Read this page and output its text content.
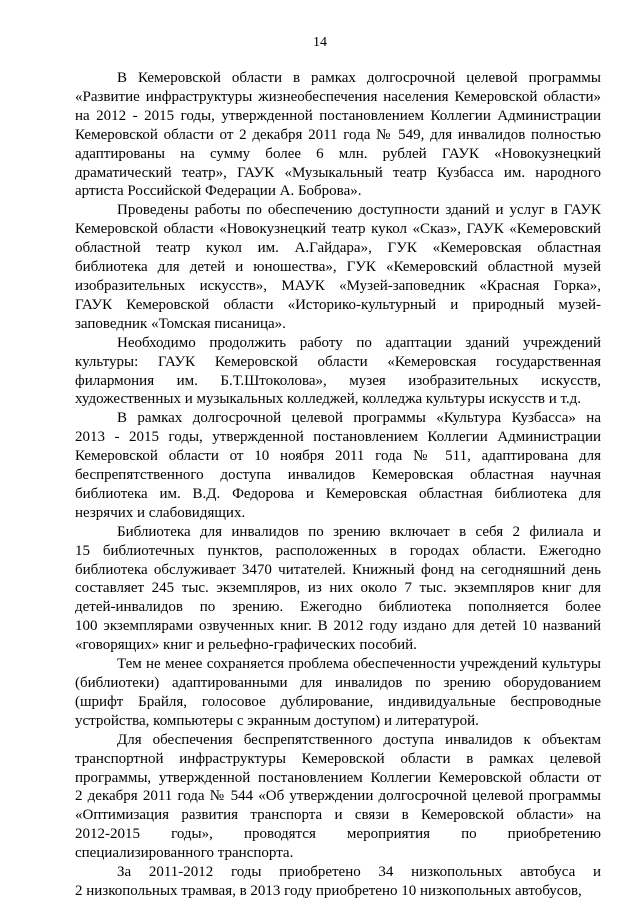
14
В Кемеровской области в рамках долгосрочной целевой программы
«Развитие инфраструктуры жизнеобеспечения населения Кемеровской области»
на 2012 - 2015 годы, утвержденной постановлением Коллегии Администрации
Кемеровской области от 2 декабря 2011 года № 549, для инвалидов полностью
адаптированы на сумму более 6 млн. рублей ГАУК «Новокузнецкий
драматический театр», ГАУК «Музыкальный театр Кузбасса им. народного
артиста Российской Федерации А. Боброва».
Проведены работы по обеспечению доступности зданий и услуг в ГАУК
Кемеровской области «Новокузнецкий театр кукол «Сказ», ГАУК «Кемеровский
областной театр кукол им. А.Гайдара», ГУК «Кемеровская областная
библиотека для детей и юношества», ГУК «Кемеровский областной музей
изобразительных искусств», МАУК «Музей-заповедник «Красная Горка»,
ГАУК Кемеровской области «Историко-культурный и природный музей-
заповедник «Томская писаница».
Необходимо продолжить работу по адаптации зданий учреждений
культуры: ГАУК Кемеровской области «Кемеровская государственная
филармония им. Б.Т.Штоколова», музея изобразительных искусств,
художественных и музыкальных колледжей, колледжа культуры искусств и т.д.
В рамках долгосрочной целевой программы «Культура Кузбасса» на
2013 - 2015 годы, утвержденной постановлением Коллегии Администрации
Кемеровской области от 10 ноября 2011 года № 511, адаптирована для
беспрепятственного доступа инвалидов Кемеровская областная научная
библиотека им. В.Д. Федорова и Кемеровская областная библиотека для
незрячих и слабовидящих.
Библиотека для инвалидов по зрению включает в себя 2 филиала и
15 библиотечных пунктов, расположенных в городах области. Ежегодно
библиотека обслуживает 3470 читателей. Книжный фонд на сегодняшний день
составляет 245 тыс. экземпляров, из них около 7 тыс. экземпляров книг для
детей-инвалидов по зрению. Ежегодно библиотека пополняется более
100 экземплярами озвученных книг. В 2012 году издано для детей 10 названий
«говорящих» книг и рельефно-графических пособий.
Тем не менее сохраняется проблема обеспеченности учреждений культуры
(библиотеки) адаптированными для инвалидов по зрению оборудованием
(шрифт Брайля, голосовое дублирование, индивидуальные беспроводные
устройства, компьютеры с экранным доступом) и литературой.
Для обеспечения беспрепятственного доступа инвалидов к объектам
транспортной инфраструктуры Кемеровской области в рамках целевой
программы, утвержденной постановлением Коллегии Кемеровской области от
2 декабря 2011 года № 544 «Об утверждении долгосрочной целевой программы
«Оптимизация развития транспорта и связи в Кемеровской области» на
2012-2015 годы», проводятся мероприятия по приобретению
специализированного транспорта.
За 2011-2012 годы приобретено 34 низкопольных автобуса и
2 низкопольных трамвая, в 2013 году приобретено 10 низкопольных автобусов,
